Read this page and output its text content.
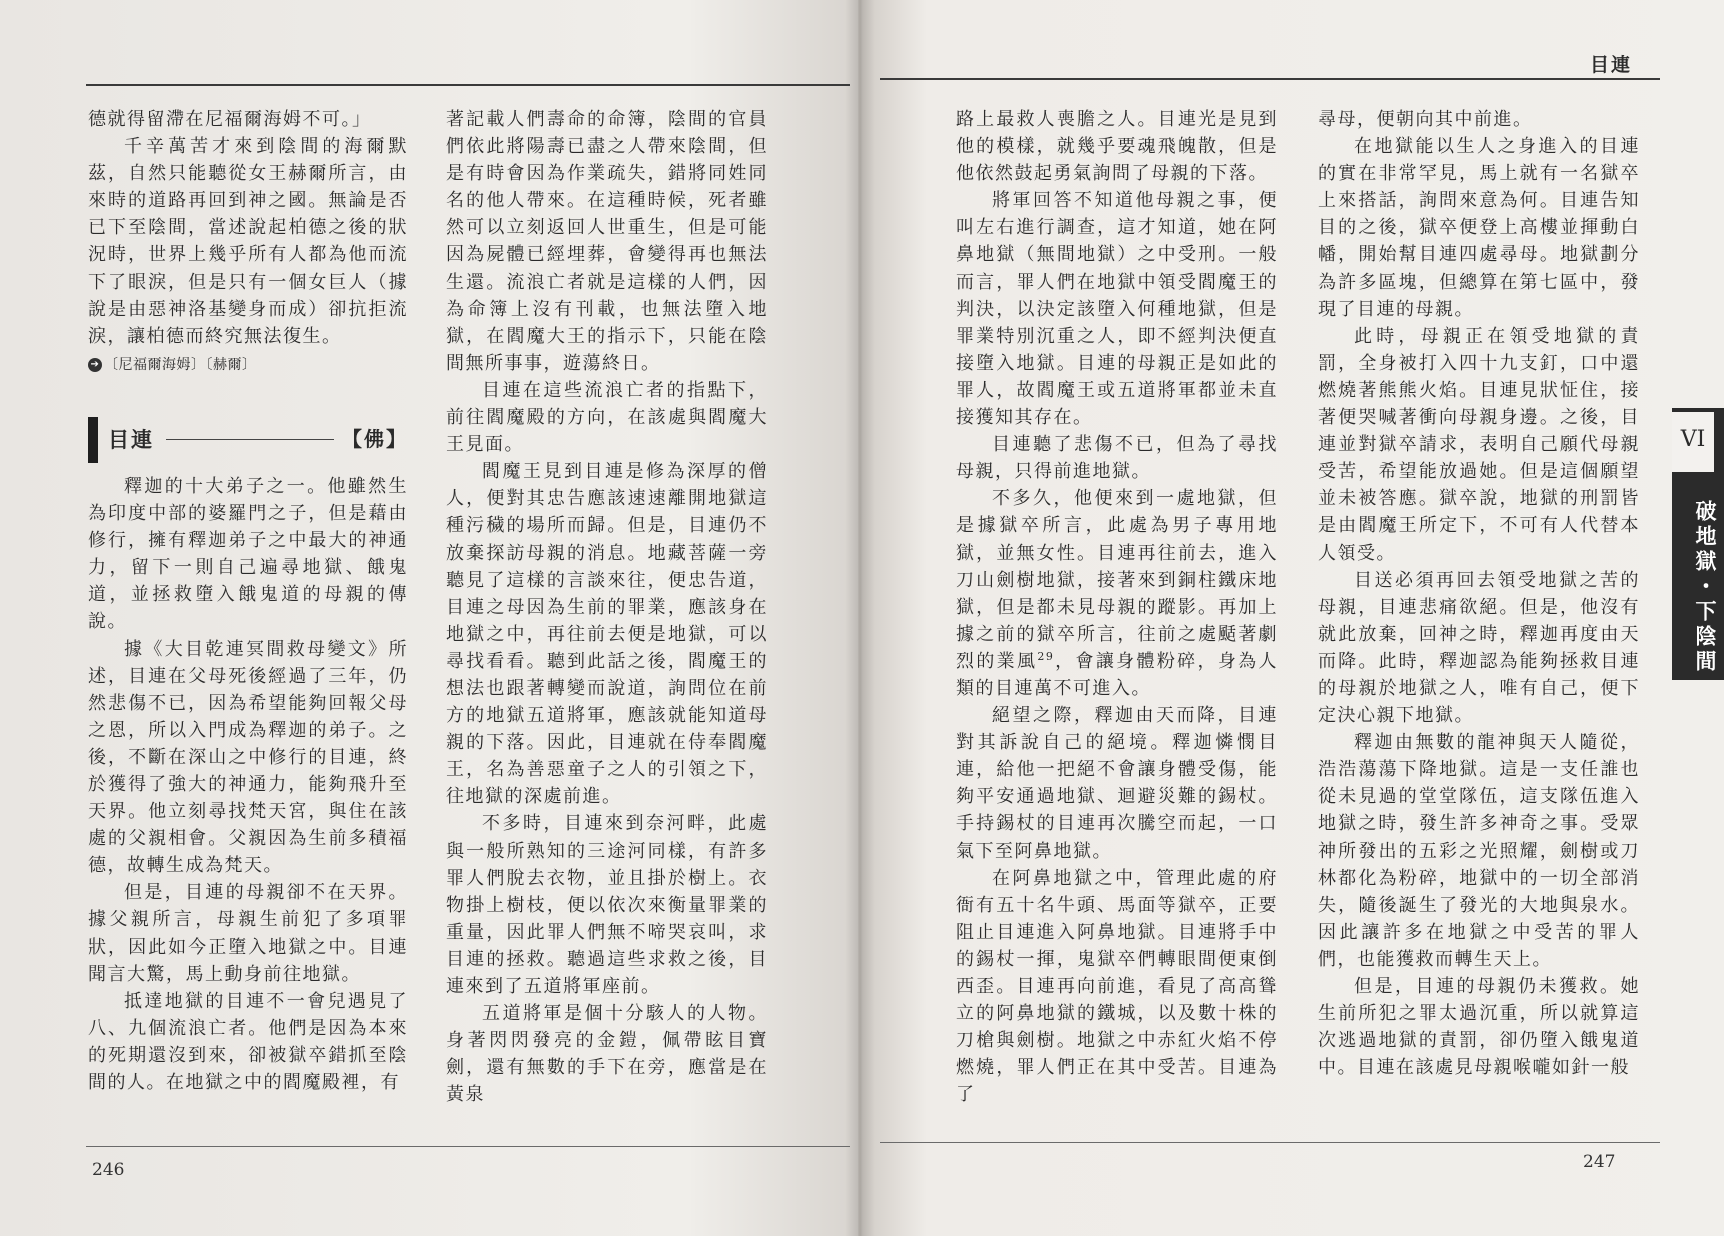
目連
246	247

德就得留滯在尼福爾海姆不可。」

千辛萬苦才來到陰間的海爾默茲，自然只能聽從女王赫爾所言，由來時的道路再回到神之國。無論是否已下至陰間，當述說起柏德之後的狀況時，世界上幾乎所有人都為他而流下了眼淚，但是只有一個女巨人（據說是由惡神洛基變身而成）卻抗拒流淚，讓柏德而終究無法復生。

➔ 〔尼福爾海姆〕〔赫爾〕
目連	【佛】

釋迦的十大弟子之一。他雖然生為印度中部的婆羅門之子，但是藉由修行，擁有釋迦弟子之中最大的神通力，留下一則自己遍尋地獄、餓鬼道，並拯救墮入餓鬼道的母親的傳說。

據《大目乾連冥間救母變文》所述，目連在父母死後經過了三年，仍然悲傷不已，因為希望能夠回報父母之恩，所以入門成為釋迦的弟子。之後，不斷在深山之中修行的目連，終於獲得了強大的神通力，能夠飛升至天界。他立刻尋找梵天宮，與住在該處的父親相會。父親因為生前多積福德，故轉生成為梵天。

但是，目連的母親卻不在天界。據父親所言，母親生前犯了多項罪狀，因此如今正墮入地獄之中。目連聞言大驚，馬上動身前往地獄。

抵達地獄的目連不一會兒遇見了八、九個流浪亡者。他們是因為本來的死期還沒到來，卻被獄卒錯抓至陰間的人。在地獄之中的閻魔殿裡，有

著記載人們壽命的命簿，陰間的官員們依此將陽壽已盡之人帶來陰間，但是有時會因為作業疏失，錯將同姓同名的他人帶來。在這種時候，死者雖然可以立刻返回人世重生，但是可能因為屍體已經埋葬，會變得再也無法生還。流浪亡者就是這樣的人們，因為命簿上沒有刊載，也無法墮入地獄，在閻魔大王的指示下，只能在陰間無所事事，遊蕩終日。

目連在這些流浪亡者的指點下，前往閻魔殿的方向，在該處與閻魔大王見面。

閻魔王見到目連是修為深厚的僧人，便對其忠告應該速速離開地獄這種污穢的場所而歸。但是，目連仍不放棄探訪母親的消息。地藏菩薩一旁聽見了這樣的言談來往，便忠告道，目連之母因為生前的罪業，應該身在地獄之中，再往前去便是地獄，可以尋找看看。聽到此話之後，閻魔王的想法也跟著轉變而說道，詢問位在前方的地獄五道將軍，應該就能知道母親的下落。因此，目連就在侍奉閻魔王，名為善惡童子之人的引領之下，往地獄的深處前進。

不多時，目連來到奈河畔，此處與一般所熟知的三途河同樣，有許多罪人們脫去衣物，並且掛於樹上。衣物掛上樹枝，便以依次來衡量罪業的重量，因此罪人們無不啼哭哀叫，求目連的拯救。聽過這些求救之後，目連來到了五道將軍座前。

五道將軍是個十分駭人的人物。身著閃閃發亮的金鎧，佩帶眩目寶劍，還有無數的手下在旁，應當是在黃泉

路上最救人喪膽之人。目連光是見到他的模樣，就幾乎要魂飛魄散，但是他依然鼓起勇氣詢問了母親的下落。

將軍回答不知道他母親之事，便叫左右進行調查，這才知道，她在阿鼻地獄（無間地獄）之中受刑。一般而言，罪人們在地獄中領受閻魔王的判決，以決定該墮入何種地獄，但是罪業特別沉重之人，即不經判決便直接墮入地獄。目連的母親正是如此的罪人，故閻魔王或五道將軍都並未直接獲知其存在。

目連聽了悲傷不已，但為了尋找母親，只得前進地獄。

不多久，他便來到一處地獄，但是據獄卒所言，此處為男子專用地獄，並無女性。目連再往前去，進入刀山劍樹地獄，接著來到銅柱鐵床地獄，但是都未見母親的蹤影。再加上據之前的獄卒所言，往前之處颳著劇烈的業風$^{29}$，會讓身體粉碎，身為人類的目連萬不可進入。

絕望之際，釋迦由天而降，目連對其訴說自己的絕境。釋迦憐憫目連，給他一把絕不會讓身體受傷，能夠平安通過地獄、迴避災難的錫杖。手持錫杖的目連再次騰空而起，一口氣下至阿鼻地獄。

在阿鼻地獄之中，管理此處的府衙有五十名牛頭、馬面等獄卒，正要阻止目連進入阿鼻地獄。目連將手中的錫杖一揮，鬼獄卒們轉眼間便東倒西歪。目連再向前進，看見了高高聳立的阿鼻地獄的鐵城，以及數十株的刀槍與劍樹。地獄之中赤紅火焰不停燃燒，罪人們正在其中受苦。目連為了

尋母，便朝向其中前進。

在地獄能以生人之身進入的目連的實在非常罕見，馬上就有一名獄卒上來搭話，詢問來意為何。目連告知目的之後，獄卒便登上高樓並揮動白幡，開始幫目連四處尋母。地獄劃分為許多區塊，但總算在第七區中，發現了目連的母親。

此時，母親正在領受地獄的責罰，全身被打入四十九支釘，口中還燃燒著熊熊火焰。目連見狀怔住，接著便哭喊著衝向母親身邊。之後，目連並對獄卒請求，表明自己願代母親受苦，希望能放過她。但是這個願望並未被答應。獄卒說，地獄的刑罰皆是由閻魔王所定下，不可有人代替本人領受。

目送必須再回去領受地獄之苦的母親，目連悲痛欲絕。但是，他沒有就此放棄，回神之時，釋迦再度由天而降。此時，釋迦認為能夠拯救目連的母親於地獄之人，唯有自己，便下定決心親下地獄。

釋迦由無數的龍神與天人隨從，浩浩蕩蕩下降地獄。這是一支任誰也從未見過的堂堂隊伍，這支隊伍進入地獄之時，發生許多神奇之事。受眾神所發出的五彩之光照耀，劍樹或刀林都化為粉碎，地獄中的一切全部消失，隨後誕生了發光的大地與泉水。因此讓許多在地獄之中受苦的罪人們，也能獲救而轉生天上。

但是，目連的母親仍未獲救。她生前所犯之罪太過沉重，所以就算這次逃過地獄的責罰，卻仍墮入餓鬼道中。目連在該處見母親喉嚨如針一般

VI
破地獄・下陰間
